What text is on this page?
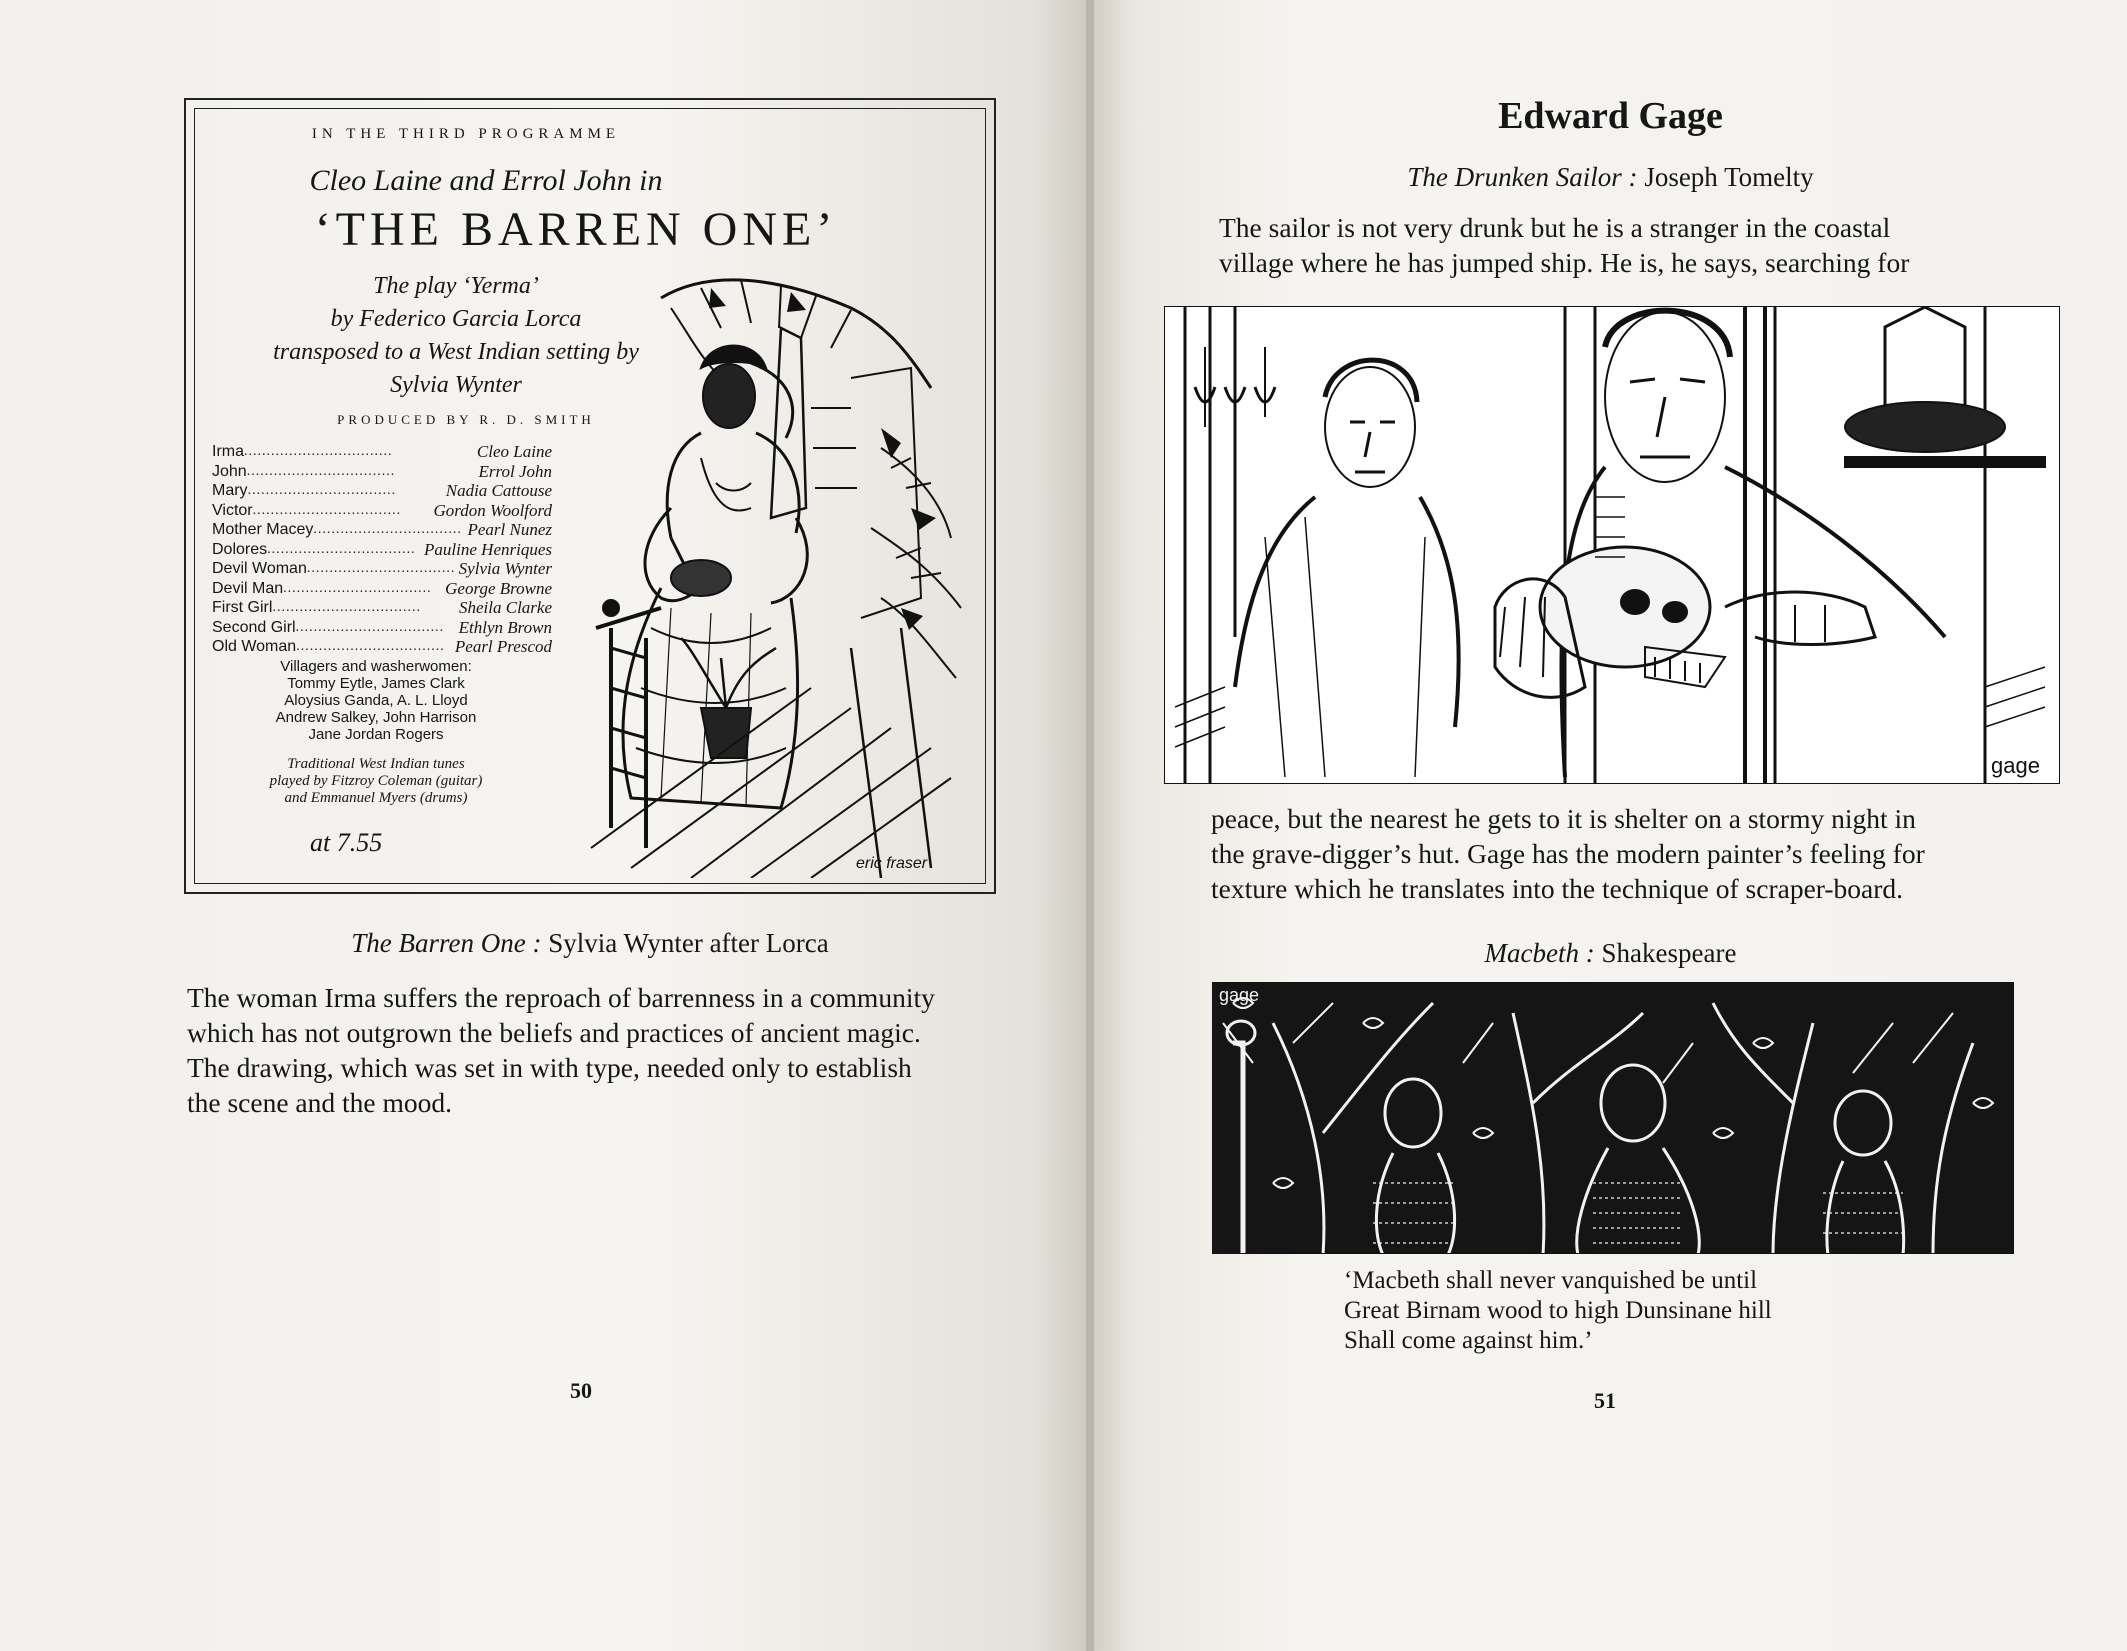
IN THE THIRD PROGRAMME
Cleo Laine and Errol John in
‘THE BARREN ONE’
The play ‘Yerma’
by Federico Garcia Lorca
transposed to a West Indian setting by
Sylvia Wynter
PRODUCED BY R. D. SMITH
Irma .................................	Cleo Laine
John .................................	Errol John
Mary .................................	Nadia Cattouse
Victor .................................	Gordon Woolford
Mother Macey ................................. Pearl Nunez
Dolores ................................. Pauline Henriques
Devil Woman ................................. Sylvia Wynter
Devil Man ................................. George Browne
First Girl .................................	Sheila Clarke
Second Girl ................................. Ethlyn Brown
Old Woman ................................. Pearl Prescod
Villagers and washerwomen:
Tommy Eytle, James Clark
Aloysius Ganda, A. L. Lloyd
Andrew Salkey, John Harrison
Jane Jordan Rogers
Traditional West Indian tunes
played by Fitzroy Coleman (guitar)
and Emmanuel Myers (drums)
at 7.55
eric fraser
The Barren One : Sylvia Wynter after Lorca
The woman Irma suffers the reproach of barrenness in a community
which has not outgrown the beliefs and practices of ancient magic.
The drawing, which was set in with type, needed only to establish
the scene and the mood.
50
Edward Gage
The Drunken Sailor : Joseph Tomelty
The sailor is not very drunk but he is a stranger in the coastal
village where he has jumped ship. He is, he says, searching for
gage
peace, but the nearest he gets to it is shelter on a stormy night in
the grave-digger’s hut. Gage has the modern painter’s feeling for
texture which he translates into the technique of scraper-board.
Macbeth : Shakespeare
gage
‘Macbeth shall never vanquished be until
Great Birnam wood to high Dunsinane hill
Shall come against him.’
51
